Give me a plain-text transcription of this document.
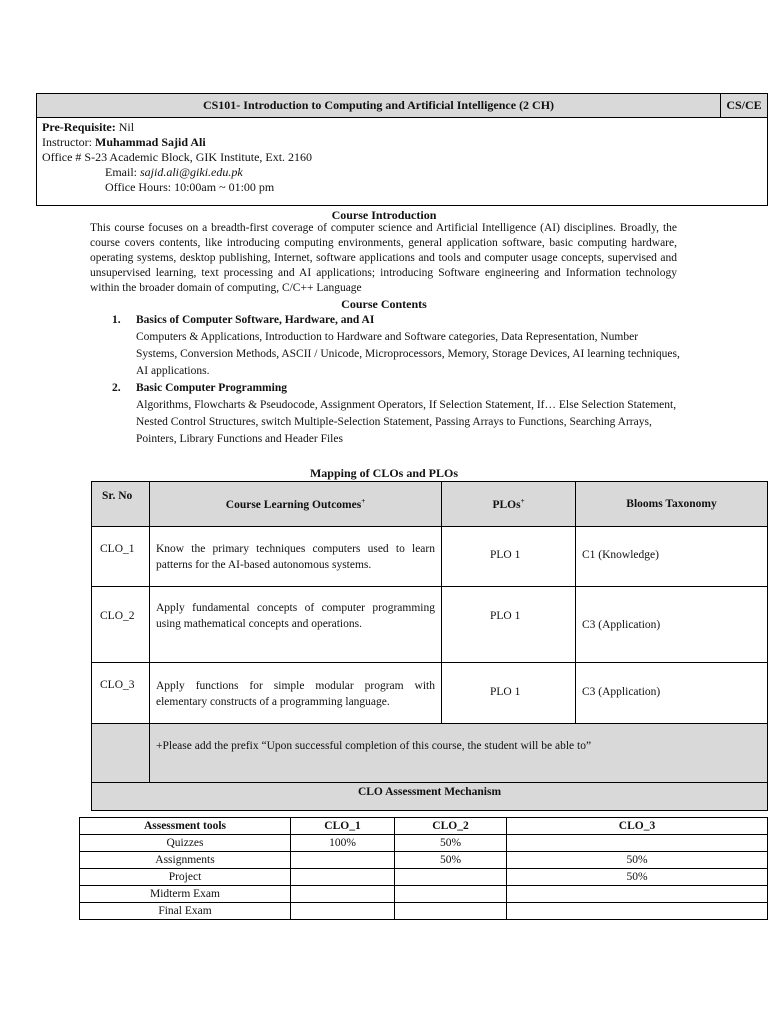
CS101- Introduction to Computing and Artificial Intelligence (2 CH)	CS/CE
Pre-Requisite: Nil
Instructor: Muhammad Sajid Ali
Office # S-23 Academic Block, GIK Institute, Ext. 2160
Email: sajid.ali@giki.edu.pk
Office Hours: 10:00am ~ 01:00 pm
Course Introduction
This course focuses on a breadth-first coverage of computer science and Artificial Intelligence (AI) disciplines. Broadly, the course covers contents, like introducing computing environments, general application software, basic computing hardware, operating systems, desktop publishing, Internet, software applications and tools and computer usage concepts, supervised and unsupervised learning, text processing and AI applications; introducing Software engineering and Information technology within the broader domain of computing, C/C++ Language
Course Contents
1.	Basics of Computer Software, Hardware, and AI
Computers & Applications, Introduction to Hardware and Software categories, Data Representation, Number Systems, Conversion Methods, ASCII / Unicode, Microprocessors, Memory, Storage Devices, AI learning techniques, AI applications.
2.	Basic Computer Programming
Algorithms, Flowcharts & Pseudocode, Assignment Operators, If Selection Statement, If… Else Selection Statement, Nested Control Structures, switch Multiple-Selection Statement, Passing Arrays to Functions, Searching Arrays, Pointers, Library Functions and Header Files
Mapping of CLOs and PLOs
Sr. No	Course Learning Outcomes+	PLOs+	Blooms Taxonomy
CLO_1	Know the primary techniques computers used to learn patterns for the AI-based autonomous systems.	PLO 1	C1 (Knowledge)
CLO_2	Apply fundamental concepts of computer programming using mathematical concepts and operations.	PLO 1	C3 (Application)
CLO_3	Apply functions for simple modular program with elementary constructs of a programming language.	PLO 1	C3 (Application)
	+Please add the prefix “Upon successful completion of this course, the student will be able to”		
CLO Assessment Mechanism			
Assessment tools	CLO_1	CLO_2	CLO_3
Quizzes	100%	50%	
Assignments		50%	50%
Project			50%
Midterm Exam			
Final Exam			
